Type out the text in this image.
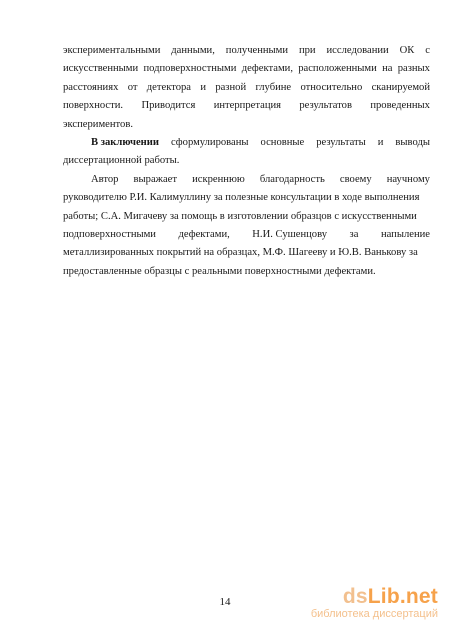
экспериментальными данными, полученными при исследовании ОК с
искусственными подповерхностными дефектами, расположенными на разных
расстояниях от детектора и разной глубине относительно сканируемой
поверхности. Приводится интерпретация результатов проведенных
экспериментов.
В заключении сформулированы основные результаты и выводы
диссертационной работы.
Автор выражает искреннюю благодарность своему научному
руководителю Р.И. Калимуллину за полезные консультации в ходе выполнения
работы; С.А. Мигачеву за помощь в изготовлении образцов с искусственными
подповерхностными дефектами, Н.И. Сушенцову за напыление
металлизированных покрытий на образцах, М.Ф. Шагееву и Ю.В. Ванькову за
предоставленные образцы с реальными поверхностными дефектами.
14	dsLib.net
библиотека диссертаций
